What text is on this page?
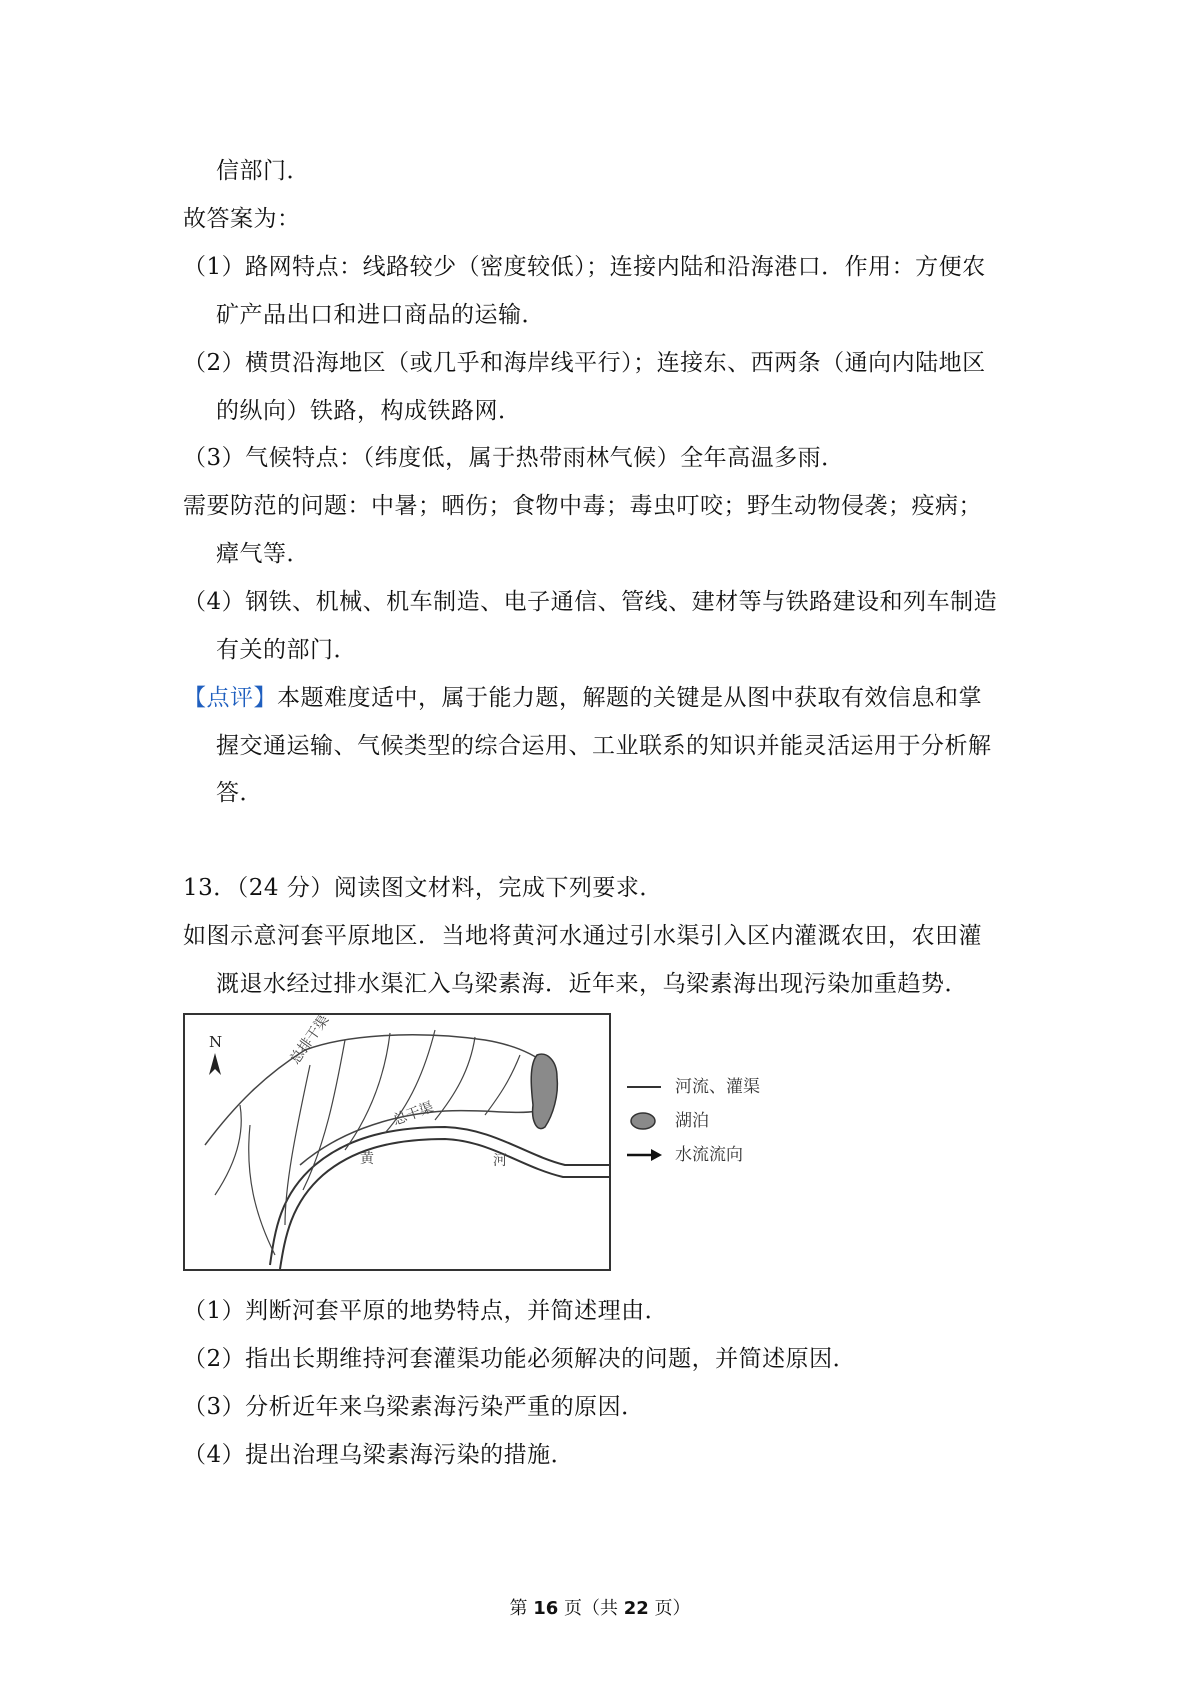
信部门．
故答案为：
（1）路网特点：线路较少（密度较低）；连接内陆和沿海港口．作用：方便农
矿产品出口和进口商品的运输．
（2）横贯沿海地区（或几乎和海岸线平行）；连接东、西两条（通向内陆地区
的纵向）铁路，构成铁路网．
（3）气候特点：（纬度低，属于热带雨林气候）全年高温多雨．
需要防范的问题：中暑；晒伤；食物中毒；毒虫叮咬；野生动物侵袭；疫病；
瘴气等．
（4）钢铁、机械、机车制造、电子通信、管线、建材等与铁路建设和列车制造
有关的部门．
【点评】本题难度适中，属于能力题，解题的关键是从图中获取有效信息和掌
握交通运输、气候类型的综合运用、工业联系的知识并能灵活运用于分析解
答．
13．（24 分）阅读图文材料，完成下列要求．
如图示意河套平原地区．当地将黄河水通过引水渠引入区内灌溉农田，农田灌
溉退水经过排水渠汇入乌梁素海．近年来，乌梁素海出现污染加重趋势．
N	总排干渠
总干渠
黄	河
河流、灌渠
湖泊
水流流向
（1）判断河套平原的地势特点，并简述理由．
（2）指出长期维持河套灌渠功能必须解决的问题，并简述原因．
（3）分析近年来乌梁素海污染严重的原因．
（4）提出治理乌梁素海污染的措施．
第 16 页（共 22 页）
